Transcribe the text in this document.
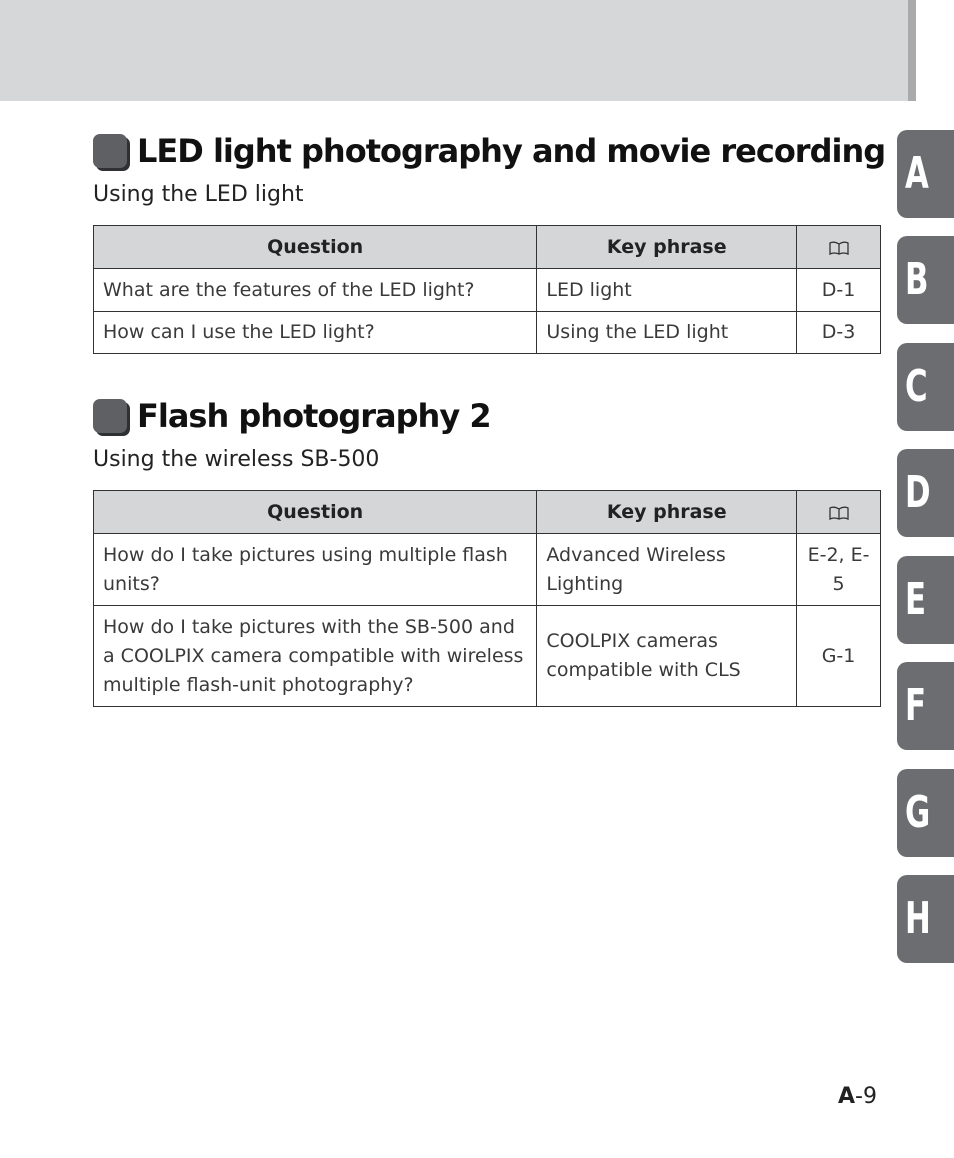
LED light photography and movie recording
Using the LED light
Question	Key phrase	
What are the features of the LED light?	LED light	D-1
How can I use the LED light?	Using the LED light	D-3
Flash photography 2
Using the wireless SB-500
Question	Key phrase	
How do I take pictures using multiple flash units?	Advanced Wireless Lighting	E-2, E-5
How do I take pictures with the SB-500 and a COOLPIX camera compatible with wireless multiple flash-unit photography?	COOLPIX cameras compatible with CLS	G-1
A
B
C
D
E
F
G
H
A-9
